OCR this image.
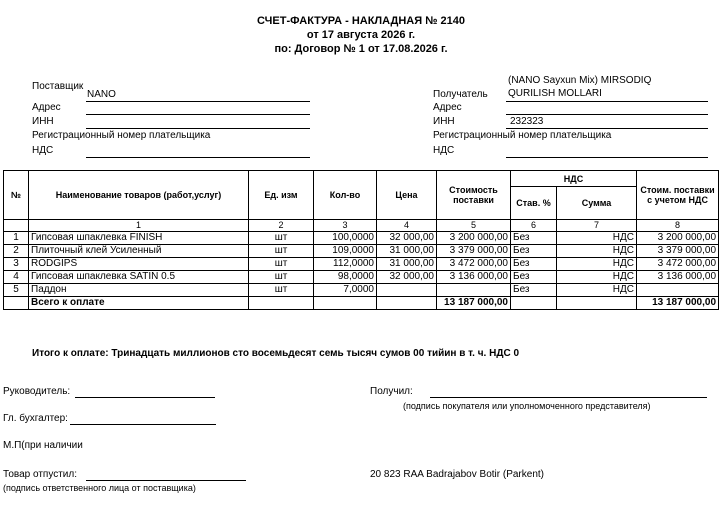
СЧЕТ-ФАКТУРА - НАКЛАДНАЯ № 2140
от 17 августа 2026 г.
по: Договор № 1 от 17.08.2026 г.
Поставщик
NANO
Адрес
ИНН
Регистрационный номер плательщика
НДС
Получатель
(NANO Sayxun Mix) MIRSODIQ
QURILISH MOLLARI
Адрес
ИНН	232323
Регистрационный номер плательщика
НДС
№	Наименование товаров (работ,услуг)	Ед. изм	Кол-во	Цена	Стоимость поставки	НДС		Стоим. поставки с учетом НДС
						Став. %	Сумма	
	1	2	3	4	5	6	7	8
1	Гипсовая шпаклевка FINISH	шт	100,0000	32 000,00	3 200 000,00	Без	НДС	3 200 000,00
2	Плиточный клей Усиленный	шт	109,0000	31 000,00	3 379 000,00	Без	НДС	3 379 000,00
3	RODGIPS	шт	112,0000	31 000,00	3 472 000,00	Без	НДС	3 472 000,00
4	Гипсовая шпаклевка SATIN 0.5	шт	98,0000	32 000,00	3 136 000,00	Без	НДС	3 136 000,00
5	Паддон	шт	7,0000			Без	НДС	
	Всего к оплате				13 187 000,00			13 187 000,00
Итого к оплате: Тринадцать миллионов сто восемьдесят семь тысяч сумов 00 тийин в т. ч. НДС 0
Руководитель:
Гл. бухгалтер:
М.П(при наличии
Товар отпустил:
(подпись ответственного лица от поставщика)
Получил:
(подпись покупателя или уполномоченного представителя)
20 823 RAA Badrajabov Botir (Parkent)
